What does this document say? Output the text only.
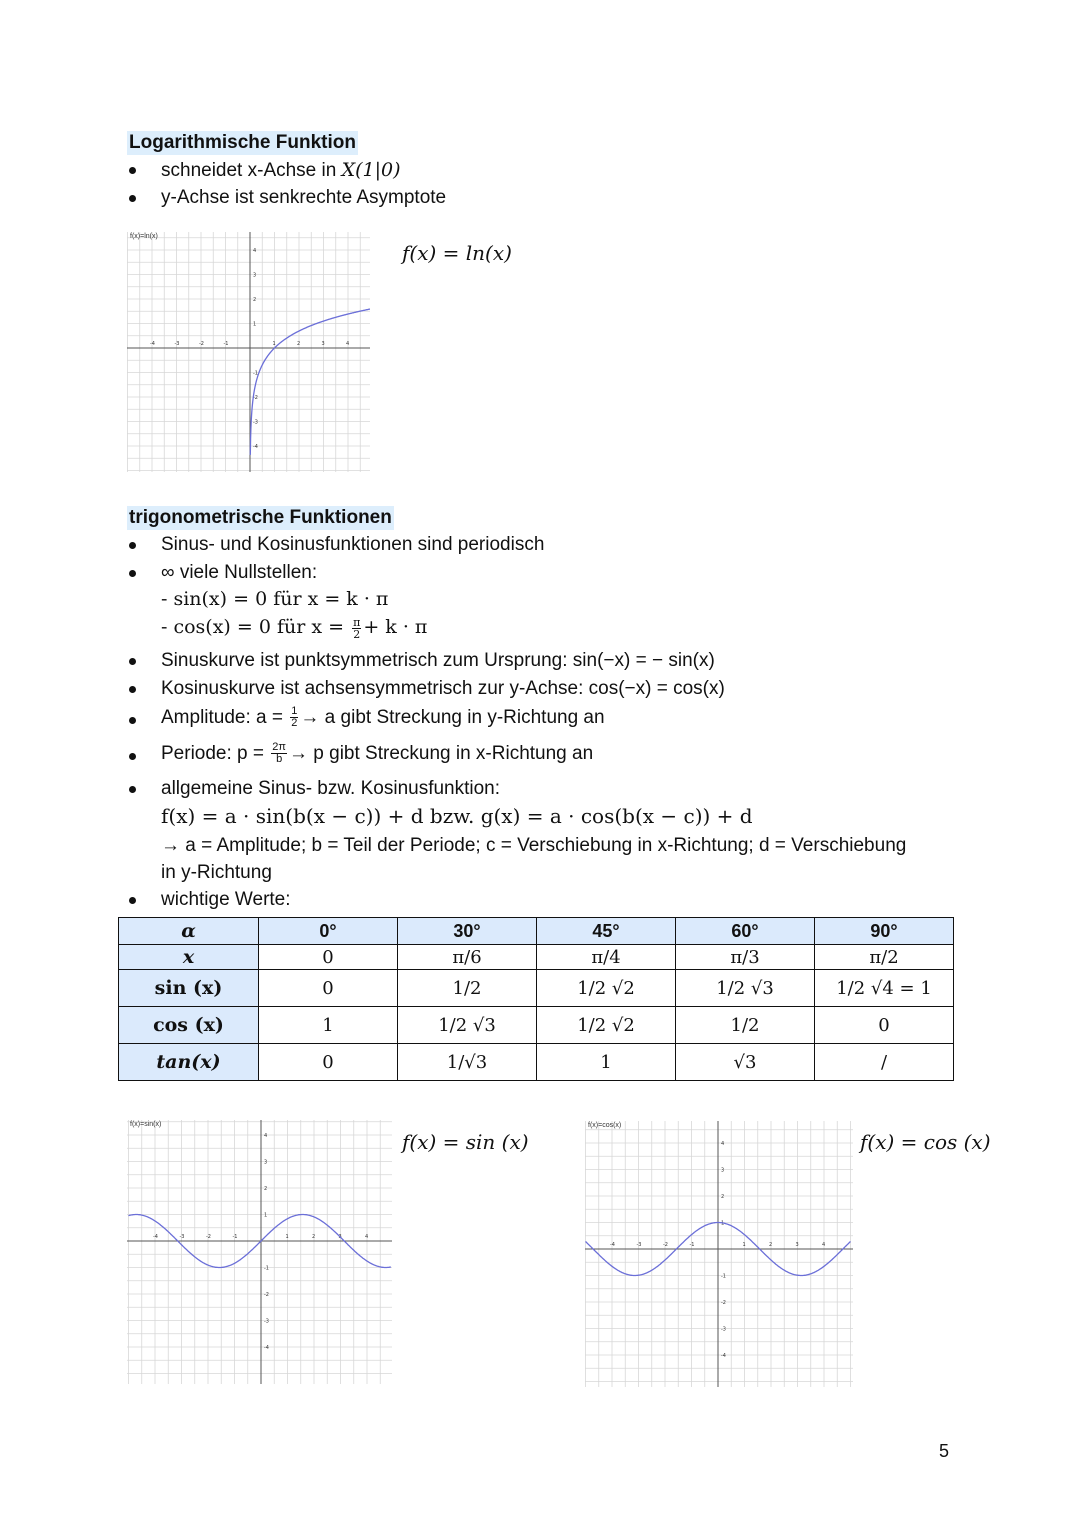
Logarithmische Funktion
schneidet x-Achse in X(1|0)
y-Achse ist senkrechte Asymptote
-4	-3	-2	-1	1	2	3	4
-4
-3
-2
-1
1
2
3
4
f(x)=ln(x)
f(x) = ln(x)
trigonometrische Funktionen
Sinus- und Kosinusfunktionen sind periodisch
∞ viele Nullstellen:
- sin(x) = 0 für x = k · π
- cos(x) = 0 für $x = \frac{\pi}{2} + k \cdot \pi$
Sinuskurve ist punktsymmetrisch zum Ursprung: sin(−x) = − sin(x)
Kosinuskurve ist achsensymmetrisch zur y-Achse: cos(−x) = cos(x)
Amplitude: $a = \frac{1}{2} \to a$ gibt Streckung in y-Richtung an
Periode: $p = \frac{2\pi}{b} \to p$ gibt Streckung in x-Richtung an
allgemeine Sinus- bzw. Kosinusfunktion:
f(x) = a · sin(b(x − c)) + d bzw. g(x) = a · cos(b(x − c)) + d
→ a = Amplitude; b = Teil der Periode; c = Verschiebung in x-Richtung; d = Verschiebung
in y-Richtung
wichtige Werte:
α	0°	30°	45°	60°	90°
x	0	π/6	π/4	π/3	π/2
sin (x)	0	1/2	1/2 √2	1/2 √3	1/2 √4 = 1
cos (x)	1	1/2 √3	1/2 √2	1/2	0
tan(x)	0	1/√3	1	√3	/
-4	-3	-2	-1	1	2	3	4
-4
-3
-2
-1
1
2
3
4
f(x)=sin(x)
f(x) = sin (x)
-4	-3	-2	-1	1	2	3	4
-4
-3
-2
-1
1
2
3
4
f(x)=cos(x)
f(x) = cos (x)
5
